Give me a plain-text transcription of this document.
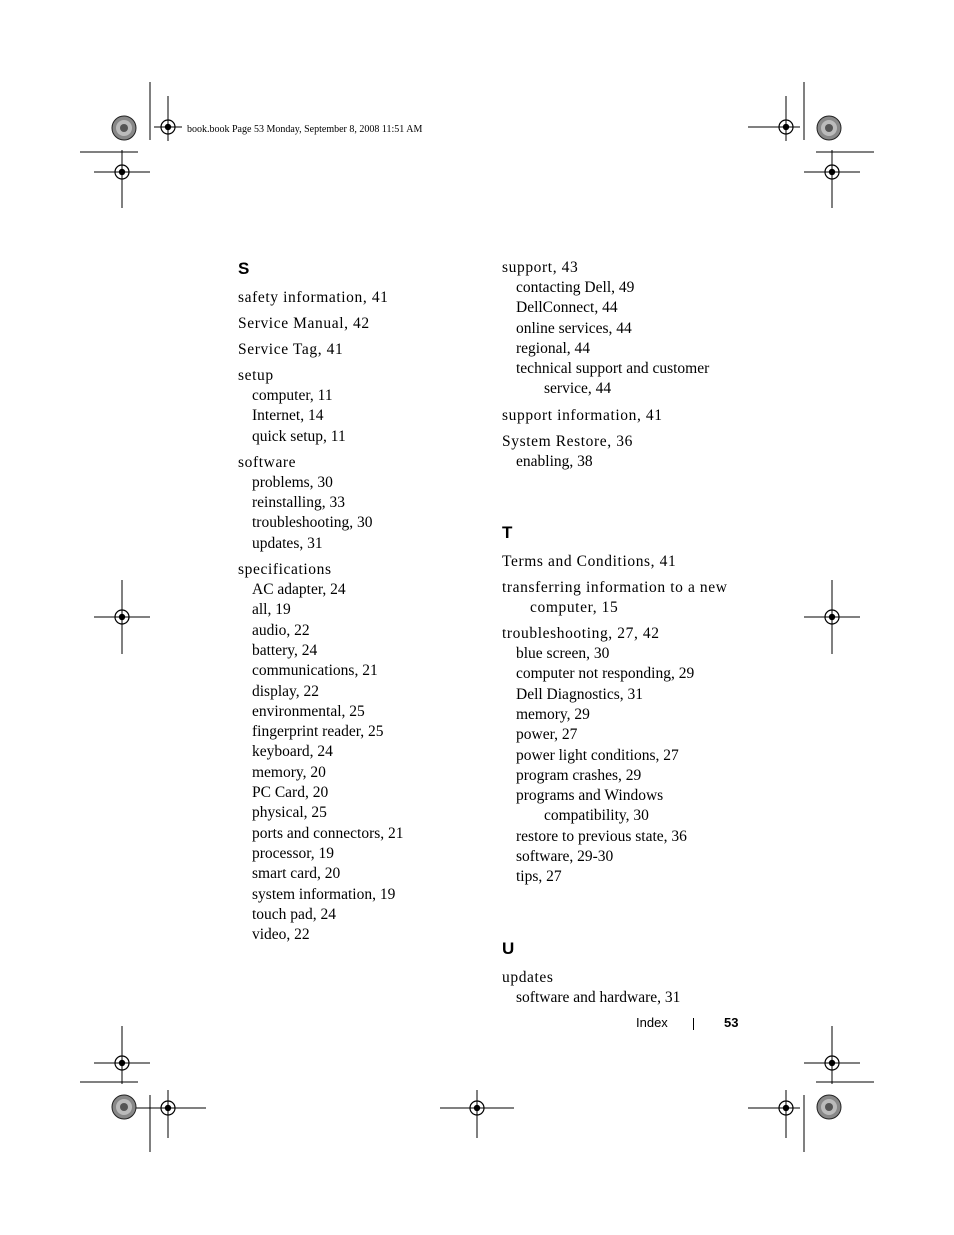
book.book Page 53 Monday, September 8, 2008 11:51 AM
S
safety information, 41
Service Manual, 42
Service Tag, 41
setup
computer, 11
Internet, 14
quick setup, 11
software
problems, 30
reinstalling, 33
troubleshooting, 30
updates, 31
specifications
AC adapter, 24
all, 19
audio, 22
battery, 24
communications, 21
display, 22
environmental, 25
fingerprint reader, 25
keyboard, 24
memory, 20
PC Card, 20
physical, 25
ports and connectors, 21
processor, 19
smart card, 20
system information, 19
touch pad, 24
video, 22
support, 43
contacting Dell, 49
DellConnect, 44
online services, 44
regional, 44
technical support and customer
service, 44
support information, 41
System Restore, 36
enabling, 38
T
Terms and Conditions, 41
transferring information to a new
computer, 15
troubleshooting, 27, 42
blue screen, 30
computer not responding, 29
Dell Diagnostics, 31
memory, 29
power, 27
power light conditions, 27
program crashes, 29
programs and Windows
compatibility, 30
restore to previous state, 36
software, 29-30
tips, 27
U
updates
software and hardware, 31
Index	53
